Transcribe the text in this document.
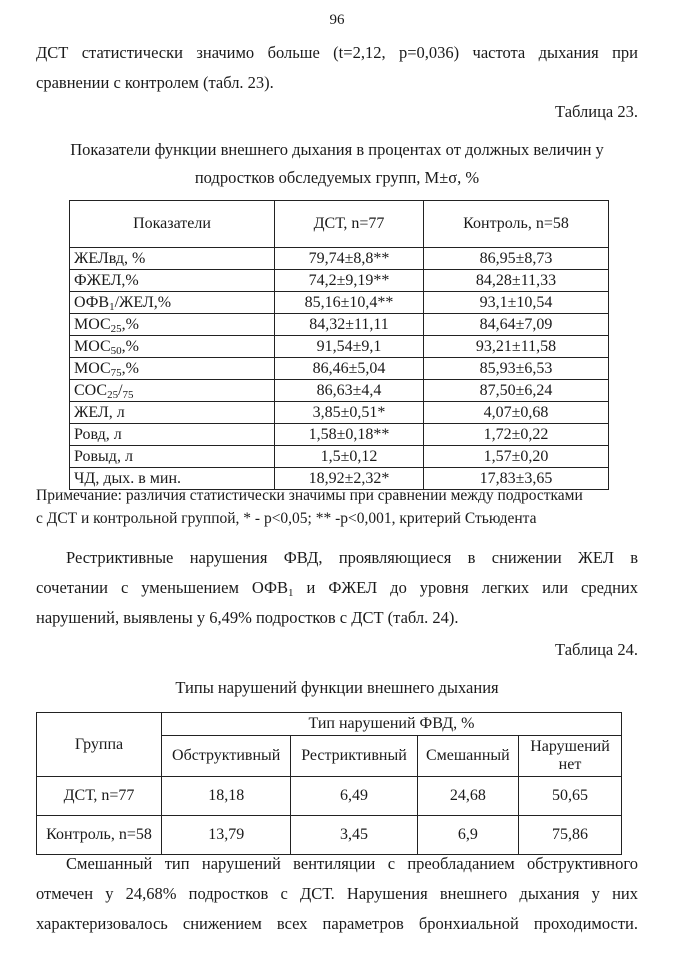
96
ДСТ статистически значимо больше (t=2,12, p=0,036) частота дыхания при
сравнении с контролем (табл. 23).
Таблица 23.
Показатели функции внешнего дыхания в процентах от должных величин у
подростков обследуемых групп, M±σ, %
Показатели	ДСТ, n=77	Контроль, n=58
ЖЕЛвд, %	79,74±8,8**	86,95±8,73
ФЖЕЛ,%	74,2±9,19**	84,28±11,33
$ОФВ_1/ЖЕЛ,\%$	85,16±10,4**	93,1±10,54
$МОС_{25},\%$	84,32±11,11	84,64±7,09
$МОС_{50},\%$	91,54±9,1	93,21±11,58
$МОС_{75},\%$	86,46±5,04	85,93±6,53
$СОС_{25}/_{75}$	86,63±4,4	87,50±6,24
ЖЕЛ, л	3,85±0,51*	4,07±0,68
Ровд, л	1,58±0,18**	1,72±0,22
Ровыд, л	1,5±0,12	1,57±0,20
ЧД, дых. в мин.	18,92±2,32*	17,83±3,65
Примечание: различия статистически значимы при сравнении между подростками
с ДСТ и контрольной группой, * - p<0,05; ** -p<0,001, критерий Стьюдента
Рестриктивные нарушения ФВД, проявляющиеся в снижении ЖЕЛ в
сочетании с уменьшением $ОФВ_1$ и ФЖЕЛ до уровня легких или средних
нарушений, выявлены у 6,49% подростков с ДСТ (табл. 24).
Таблица 24.
Типы нарушений функции внешнего дыхания
Группа	Тип нарушений ФВД, %			
	Обструктивный	Рестриктивный	Смешанный	Нарушений нет
ДСТ, n=77	18,18	6,49	24,68	50,65
Контроль, n=58	13,79	3,45	6,9	75,86
Смешанный тип нарушений вентиляции с преобладанием обструктивного
отмечен у 24,68% подростков с ДСТ. Нарушения внешнего дыхания у них
характеризовалось снижением всех параметров бронхиальной проходимости.
